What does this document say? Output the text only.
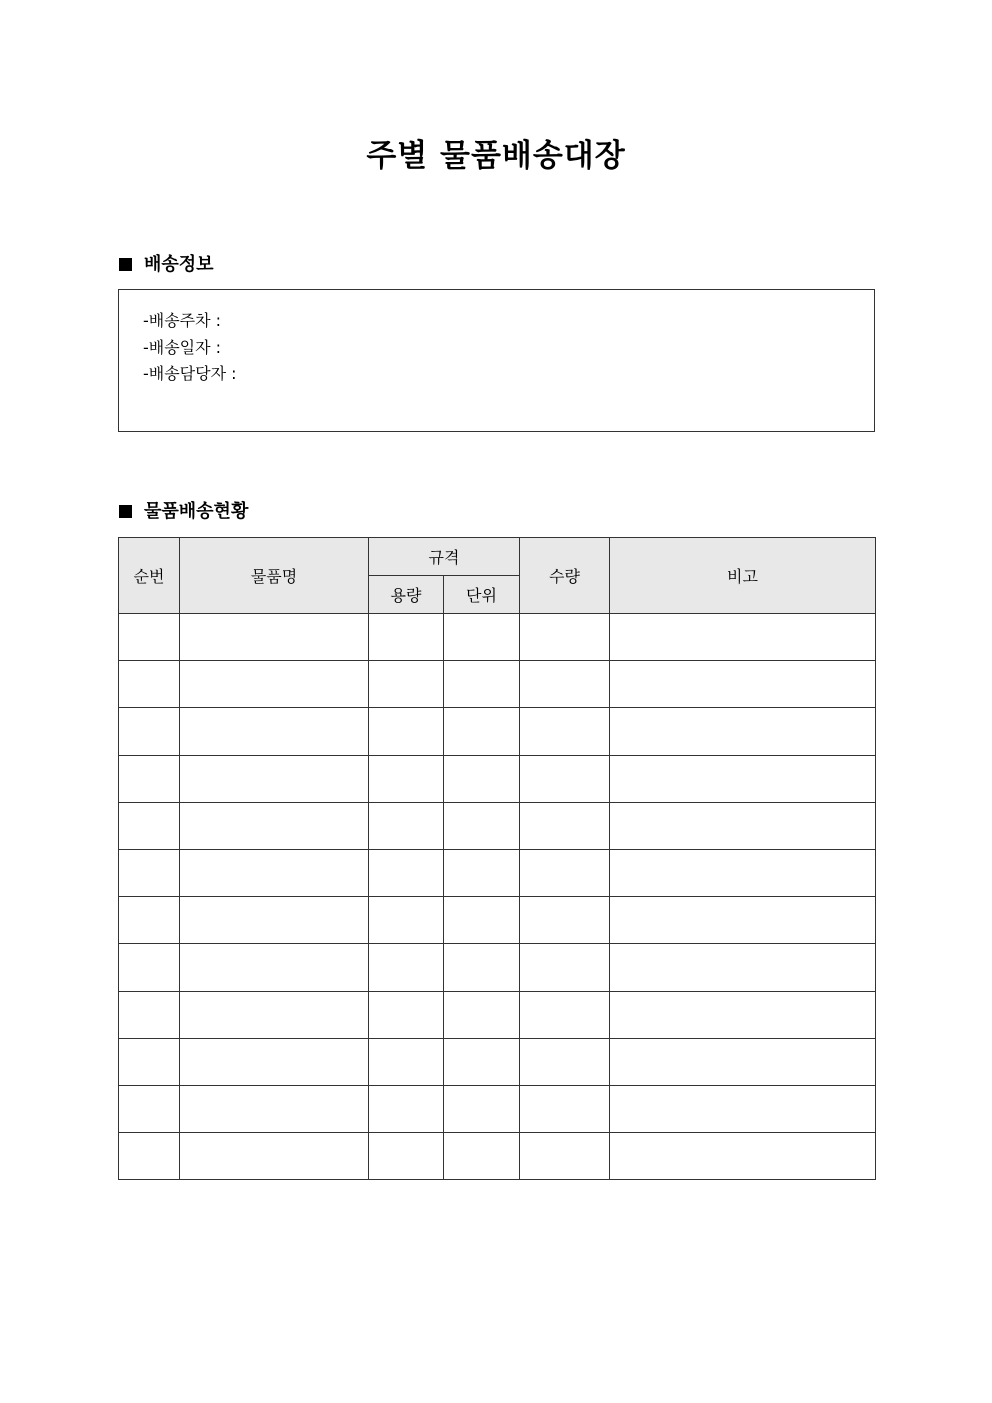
주별 물품배송대장
배송정보
-배송주차 :
-배송일자 :
-배송담당자 :
물품배송현황
순번	물품명	규격		수량	비고
		용량	단위		
